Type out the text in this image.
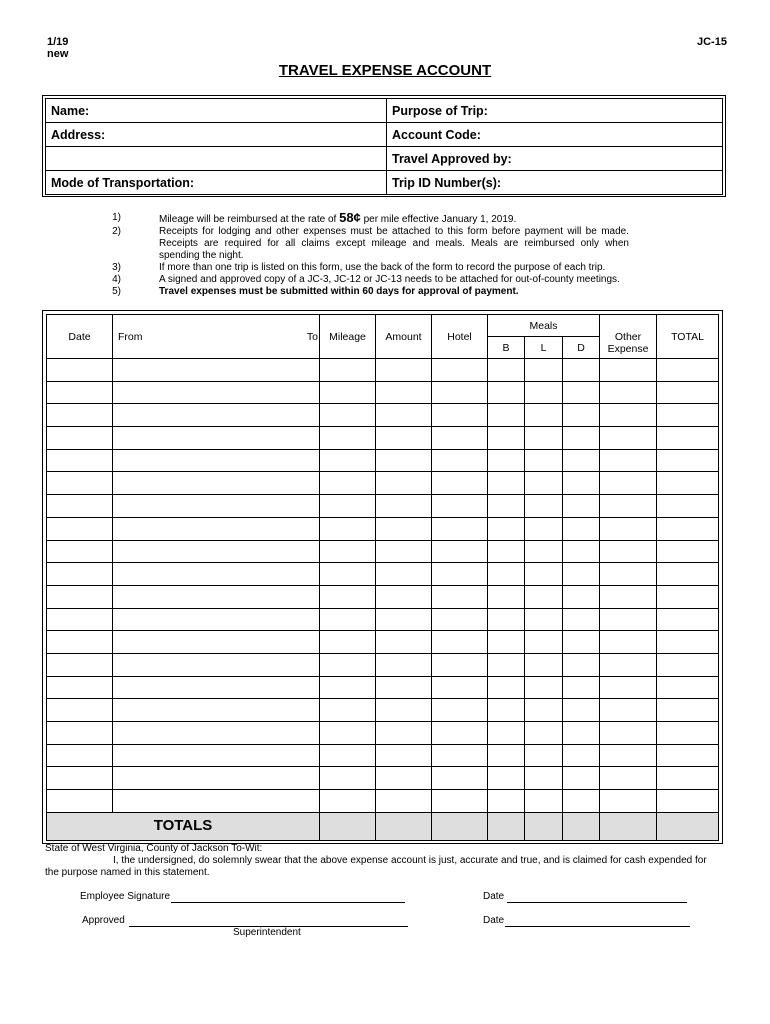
1/19
new
JC-15
TRAVEL EXPENSE ACCOUNT
Name:	Purpose of Trip:
Address:	Account Code:
	Travel Approved by:
Mode of Transportation:	Trip ID Number(s):
1)	Mileage will be reimbursed at the rate of 58¢ per mile effective January 1, 2019.
2)	Receipts for lodging and other expenses must be attached to this form before payment will be made.
Receipts are required for all claims except mileage and meals. Meals are reimbursed only when
spending the night.
3)	If more than one trip is listed on this form, use the back of the form to record the purpose of each trip.
4)	A signed and approved copy of a JC-3, JC-12 or JC-13 needs to be attached for out-of-county meetings.
5)	Travel expenses must be submitted within 60 days for approval of payment.
Date	From To	Mileage	Amount	Hotel	Meals			Other Expense	TOTAL
					B	L	D		

TOTALS									
State of West Virginia, County of Jackson To-Wit:
I, the undersigned, do solemnly swear that the above expense account is just, accurate and true, and is claimed for cash expended for the purpose named in this statement.
Employee Signature	Date
Approved	Date
Superintendent
